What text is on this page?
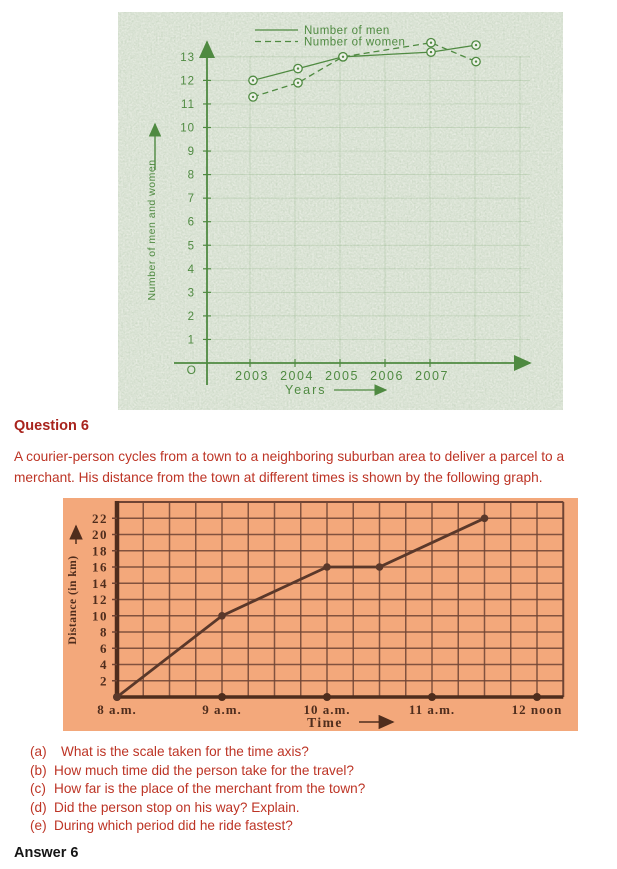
1
2
3
4
5
6
7
8
9
10
11
12
13
2003 2004 2005 2006 2007
O
Years
Number of men and women
Number of men
Number of women
Question 6

A courier-person cycles from a town to a neighboring suburban area to deliver a parcel to a merchant. His distance from the town at different times is shown by the following graph.

2
4
6
8
10
12
14
16
18
20
22
8 a.m.	9 a.m.	10 a.m.	11 a.m.	12 noon
Time
Distance (in km)
(a)	What is the scale taken for the time axis?
(b) How much time did the person take for the travel?
(c) How far is the place of the merchant from the town?
(d) Did the person stop on his way? Explain.
(e) During which period did he ride fastest?
Answer 6
